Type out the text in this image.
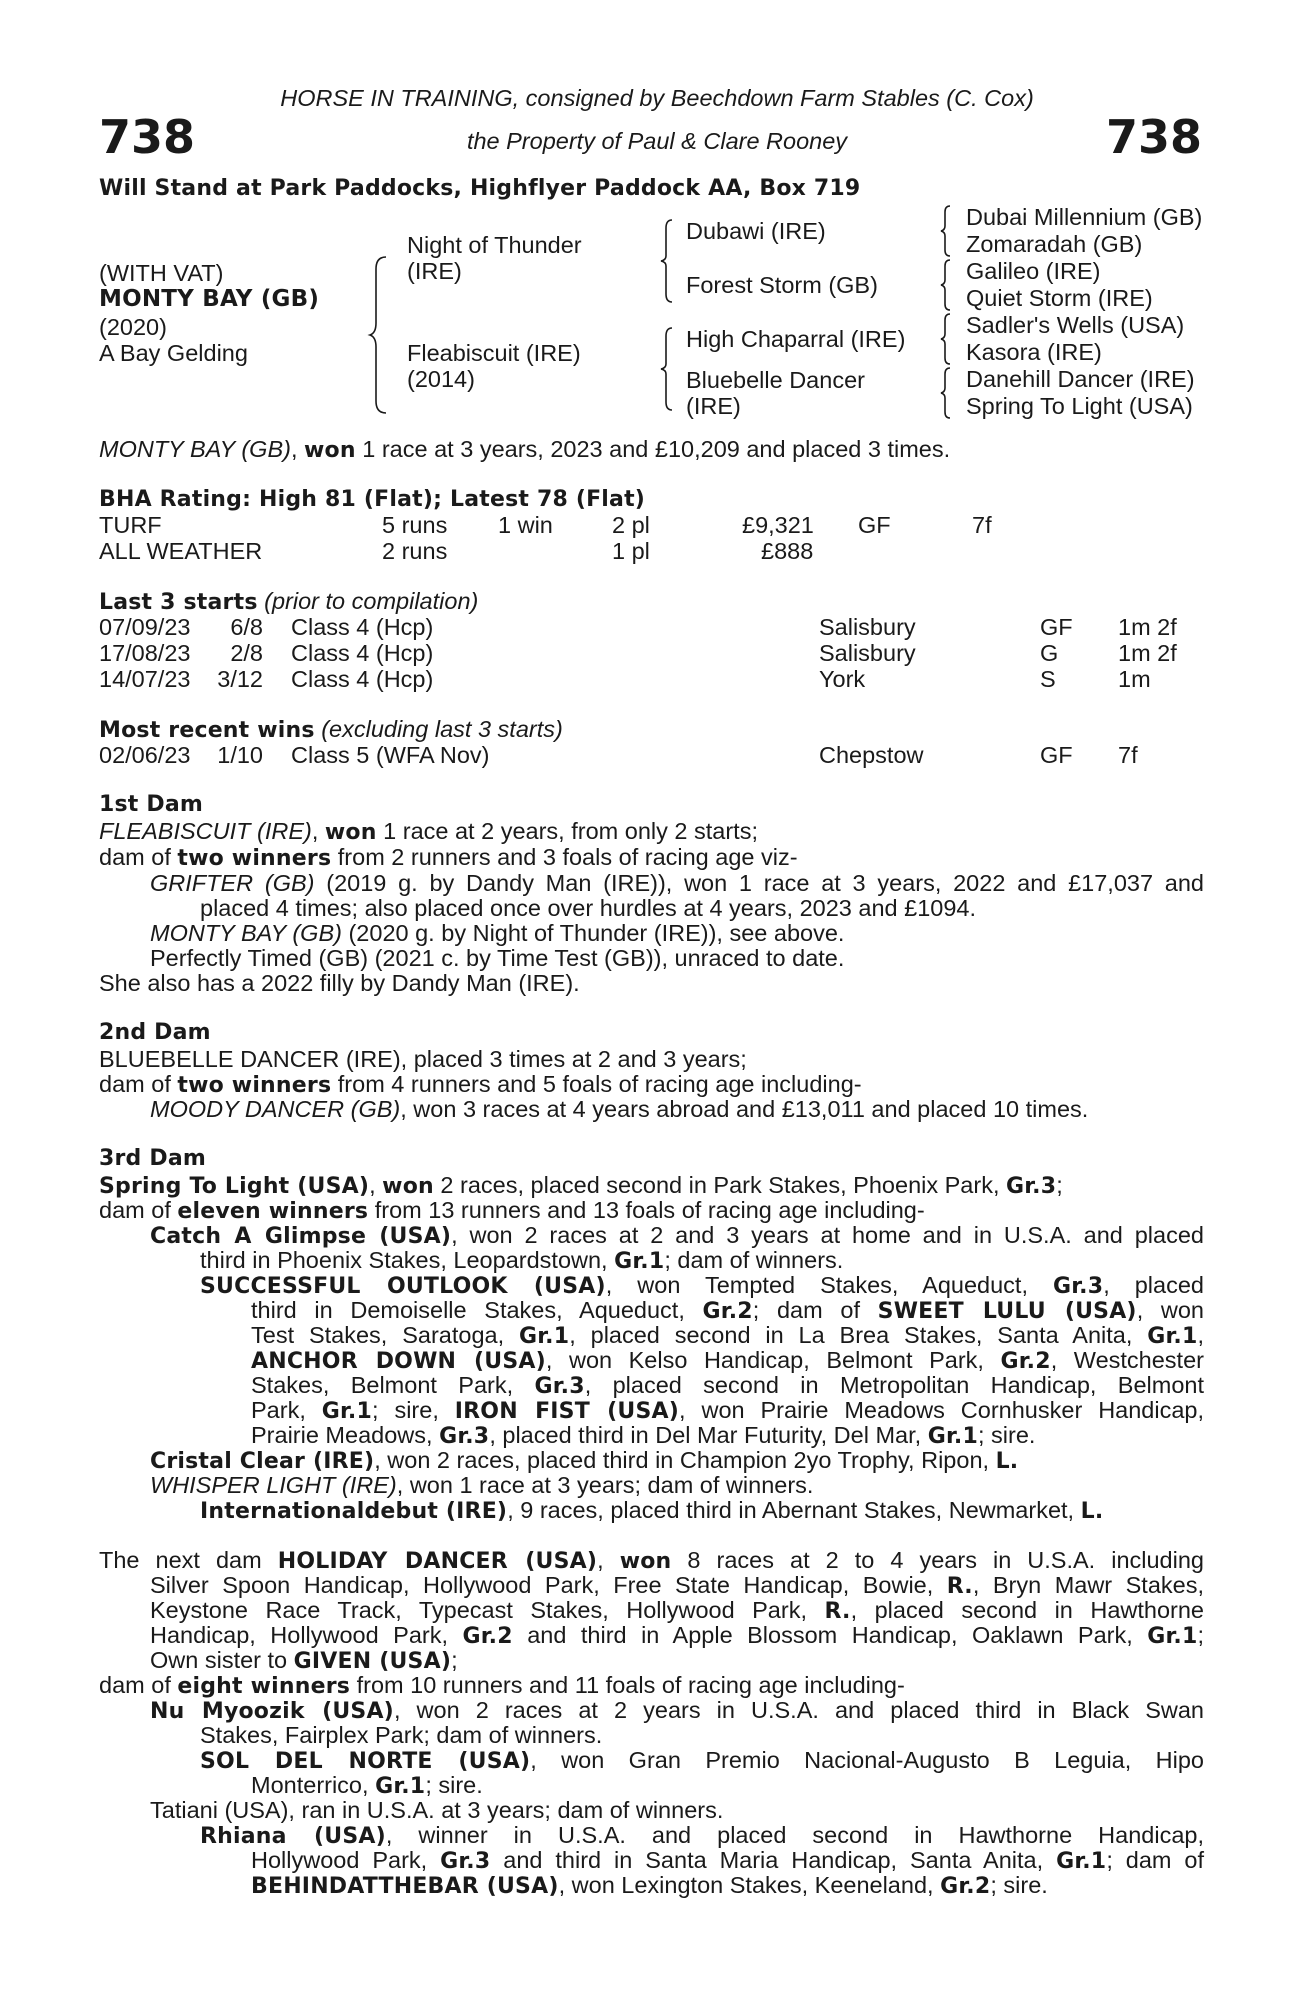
HORSE IN TRAINING, consigned by Beechdown Farm Stables (C. Cox)
738	738
the Property of Paul & Clare Rooney
Will Stand at Park Paddocks, Highflyer Paddock AA, Box 719
(WITH VAT)
MONTY BAY (GB)
(2020)
A Bay Gelding
Night of Thunder
(IRE)
Fleabiscuit (IRE)
(2014)
Dubawi (IRE)
Forest Storm (GB)
High Chaparral (IRE)
Bluebelle Dancer
(IRE)
Dubai Millennium (GB)
Zomaradah (GB)
Galileo (IRE)
Quiet Storm (IRE)
Sadler's Wells (USA)
Kasora (IRE)
Danehill Dancer (IRE)
Spring To Light (USA)
MONTY BAY (GB), won 1 race at 3 years, 2023 and £10,209 and placed 3 times.
BHA Rating: High 81 (Flat); Latest 78 (Flat)
TURF	5 runs 1 win	2 pl	£9,321 GF	7f
ALL WEATHER	2 runs	1 pl	£888
Last 3 starts (prior to compilation)
07/09/23 6/8 Class 4 (Hcp)	Salisbury	GF 1m 2f
17/08/23 2/8 Class 4 (Hcp)	Salisbury	G	1m 2f
14/07/23 3/12 Class 4 (Hcp)	York	S	1m
Most recent wins (excluding last 3 starts)
02/06/23 1/10 Class 5 (WFA Nov)	Chepstow	GF 7f
1st Dam
FLEABISCUIT (IRE), won 1 race at 2 years, from only 2 starts;
dam of two winners from 2 runners and 3 foals of racing age viz-
GRIFTER (GB) (2019 g. by Dandy Man (IRE)), won 1 race at 3 years, 2022 and £17,037 and
placed 4 times; also placed once over hurdles at 4 years, 2023 and £1094.
MONTY BAY (GB) (2020 g. by Night of Thunder (IRE)), see above.
Perfectly Timed (GB) (2021 c. by Time Test (GB)), unraced to date.
She also has a 2022 filly by Dandy Man (IRE).
2nd Dam
BLUEBELLE DANCER (IRE), placed 3 times at 2 and 3 years;
dam of two winners from 4 runners and 5 foals of racing age including-
MOODY DANCER (GB), won 3 races at 4 years abroad and £13,011 and placed 10 times.
3rd Dam
Spring To Light (USA), won 2 races, placed second in Park Stakes, Phoenix Park, Gr.3;
dam of eleven winners from 13 runners and 13 foals of racing age including-
Catch A Glimpse (USA), won 2 races at 2 and 3 years at home and in U.S.A. and placed
third in Phoenix Stakes, Leopardstown, Gr.1; dam of winners.
SUCCESSFUL OUTLOOK (USA), won Tempted Stakes, Aqueduct, Gr.3, placed
third in Demoiselle Stakes, Aqueduct, Gr.2; dam of SWEET LULU (USA), won
Test Stakes, Saratoga, Gr.1, placed second in La Brea Stakes, Santa Anita, Gr.1,
ANCHOR DOWN (USA), won Kelso Handicap, Belmont Park, Gr.2, Westchester
Stakes, Belmont Park, Gr.3, placed second in Metropolitan Handicap, Belmont
Park, Gr.1; sire, IRON FIST (USA), won Prairie Meadows Cornhusker Handicap,
Prairie Meadows, Gr.3, placed third in Del Mar Futurity, Del Mar, Gr.1; sire.
Cristal Clear (IRE), won 2 races, placed third in Champion 2yo Trophy, Ripon, L.
WHISPER LIGHT (IRE), won 1 race at 3 years; dam of winners.
Internationaldebut (IRE), 9 races, placed third in Abernant Stakes, Newmarket, L.
The next dam HOLIDAY DANCER (USA), won 8 races at 2 to 4 years in U.S.A. including
Silver Spoon Handicap, Hollywood Park, Free State Handicap, Bowie, R., Bryn Mawr Stakes,
Keystone Race Track, Typecast Stakes, Hollywood Park, R., placed second in Hawthorne
Handicap, Hollywood Park, Gr.2 and third in Apple Blossom Handicap, Oaklawn Park, Gr.1;
Own sister to GIVEN (USA);
dam of eight winners from 10 runners and 11 foals of racing age including-
Nu Myoozik (USA), won 2 races at 2 years in U.S.A. and placed third in Black Swan
Stakes, Fairplex Park; dam of winners.
SOL DEL NORTE (USA), won Gran Premio Nacional-Augusto B Leguia, Hipo
Monterrico, Gr.1; sire.
Tatiani (USA), ran in U.S.A. at 3 years; dam of winners.
Rhiana (USA), winner in U.S.A. and placed second in Hawthorne Handicap,
Hollywood Park, Gr.3 and third in Santa Maria Handicap, Santa Anita, Gr.1; dam of
BEHINDATTHEBAR (USA), won Lexington Stakes, Keeneland, Gr.2; sire.
